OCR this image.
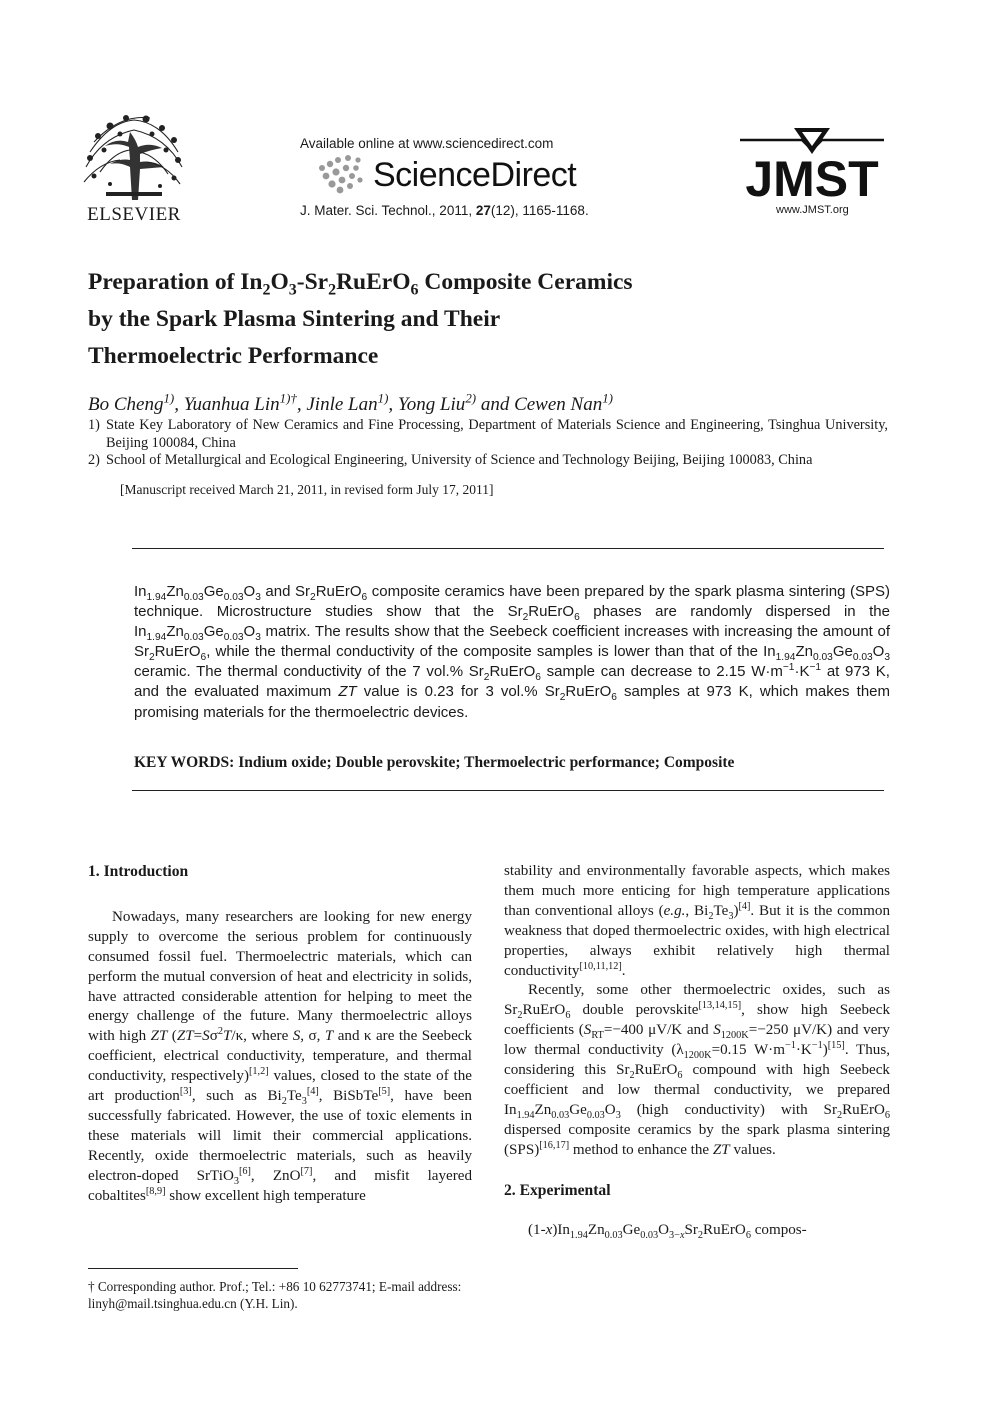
ELSEVIER
Available online at www.sciencedirect.com
ScienceDirect
J. Mater. Sci. Technol., 2011, 27(12), 1165-1168.
JMST
www.JMST.org
Preparation of $In_2O_3-Sr_2RuErO_6$ Composite Ceramics
by the Spark Plasma Sintering and Their
Thermoelectric Performance
Bo Cheng$^{1)}$, Yuanhua Lin$^{1)\dagger}$, Jinle Lan$^{1)}$, Yong Liu$^{2)}$ and Cewen Nan$^{1)}$
1) State Key Laboratory of New Ceramics and Fine Processing, Department of Materials Science and Engineering, Tsinghua University, Beijing 100084, China
2) School of Metallurgical and Ecological Engineering, University of Science and Technology Beijing, Beijing 100083, China
[Manuscript received March 21, 2011, in revised form July 17, 2011]
$In_{1.94}Zn_{0.03}Ge_{0.03}O_3$ and $Sr_2RuErO_6$ composite ceramics have been prepared by the spark plasma sintering (SPS) technique. Microstructure studies show that the $Sr_2RuErO_6$ phases are randomly dispersed in the $In_{1.94}Zn_{0.03}Ge_{0.03}O_3$ matrix. The results show that the Seebeck coefficient increases with increasing the amount of $Sr_2RuErO_6$, while the thermal conductivity of the composite samples is lower than that of the $In_{1.94}Zn_{0.03}Ge_{0.03}O_3$ ceramic. The thermal conductivity of the 7 vol.% $Sr_2RuErO_6$ sample can decrease to 2.15 $W\cdot m^{-1}\cdot K^{-1}$ at 973 K, and the evaluated maximum ZT value is 0.23 for 3 vol.% $Sr_2RuErO_6$ samples at 973 K, which makes them promising materials for the thermoelectric devices.
KEY WORDS: Indium oxide; Double perovskite; Thermoelectric performance; Composite

1. Introduction

Nowadays, many researchers are looking for new energy supply to overcome the serious problem for continuously consumed fossil fuel. Thermoelectric materials, which can perform the mutual conversion of heat and electricity in solids, have attracted considerable attention for helping to meet the energy challenge of the future. Many thermoelectric alloys with high ZT ($ZT=S\sigma^2T/\kappa$, where S, σ, T and κ are the Seebeck coefficient, electrical conductivity, temperature, and thermal conductivity, respectively)[1,2] values, closed to the state of the art production[3], such as $Bi_2Te_3[4]$, BiSbTe[5], have been successfully fabricated. However, the use of toxic elements in these materials will limit their commercial applications. Recently, oxide thermoelectric materials, such as heavily electron-doped SrTiO$_3$[6], ZnO[7], and misfit layered cobaltites[8,9] show excellent high temperature

† Corresponding author. Prof.; Tel.: +86 10 62773741; E-mail address: linyh@mail.tsinghua.edu.cn (Y.H. Lin).

stability and environmentally favorable aspects, which makes them much more enticing for high temperature applications than conventional alloys (e.g., $Bi_2Te_3)[4]$. But it is the common weakness that doped thermoelectric oxides, with high electrical properties, always exhibit relatively high thermal conductivity[10,11,12].

Recently, some other thermoelectric oxides, such as $Sr_2RuErO_6$ double perovskite[13,14,15], show high Seebeck coefficients ($S_{RT}=-400$ μV/K and $S_{1200K}=-250$ μV/K) and very low thermal conductivity ($\lambda_{1200K}=0.15$ $W\cdot m^{-1}\cdot K^{-1})[15]$. Thus, considering this $Sr_2RuErO_6$ compound with high Seebeck coefficient and low thermal conductivity, we prepared $In_{1.94}Zn_{0.03}Ge_{0.03}O_3$ (high conductivity) with $Sr_2RuErO_6$ dispersed composite ceramics by the spark plasma sintering (SPS)[16,17] method to enhance the ZT values.

2. Experimental

$(1-x)In_{1.94}Zn_{0.03}Ge_{0.03}O_{3-x}Sr_2RuErO_6$ compos-
